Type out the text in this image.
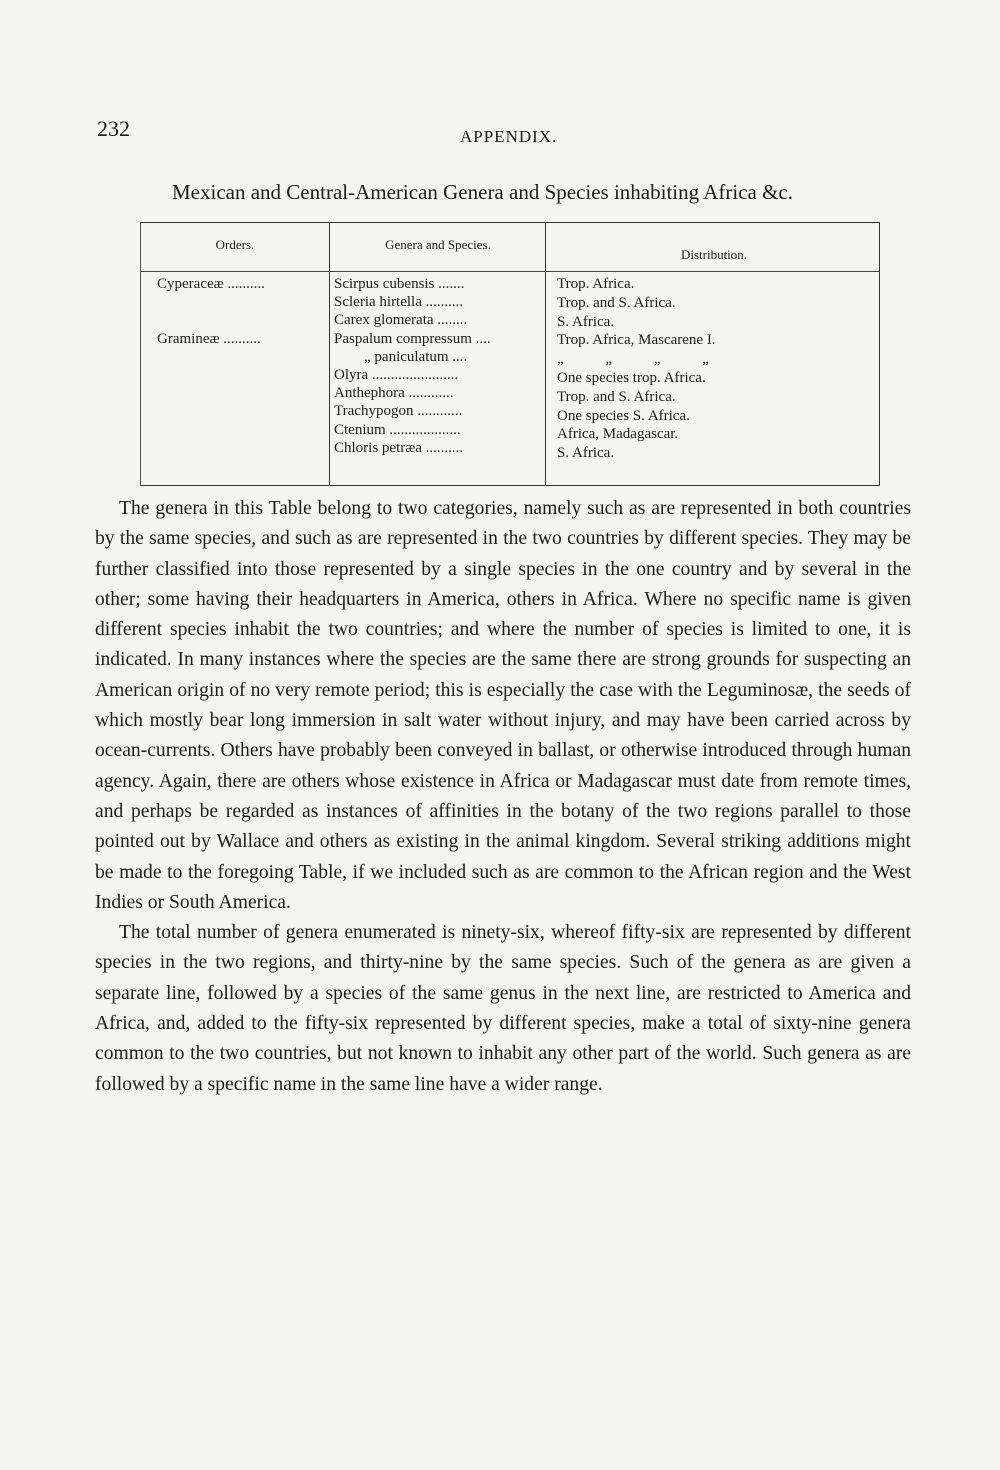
232	APPENDIX.
Mexican and Central-American Genera and Species inhabiting Africa &c.
Orders.	Genera and Species.
Distribution.
Cyperaceæ ..........
Gramineæ ..........
Scirpus cubensis .......
Scleria hirtella ..........
Carex glomerata ........
Paspalum compressum ....
„ paniculatum ....
Olyra .......................
Anthephora ............
Trachypogon ............
Ctenium ...................
Chloris petræa ..........
Trop. Africa.
Trop. and S. Africa.
S. Africa.
Trop. Africa, Mascarene I.
„ „ „ „
One species trop. Africa.
Trop. and S. Africa.
One species S. Africa.
Africa, Madagascar.
S. Africa.

The genera in this Table belong to two categories, namely such as are represented in both countries by the same species, and such as are represented in the two countries by different species. They may be further classified into those represented by a single species in the one country and by several in the other; some having their headquarters in America, others in Africa. Where no specific name is given different species inhabit the two countries; and where the number of species is limited to one, it is indicated. In many instances where the species are the same there are strong grounds for suspecting an American origin of no very remote period; this is especially the case with the Leguminosæ, the seeds of which mostly bear long immersion in salt water without injury, and may have been carried across by ocean-currents. Others have probably been conveyed in ballast, or otherwise introduced through human agency. Again, there are others whose existence in Africa or Madagascar must date from remote times, and perhaps be regarded as instances of affinities in the botany of the two regions parallel to those pointed out by Wallace and others as existing in the animal kingdom. Several striking additions might be made to the foregoing Table, if we included such as are common to the African region and the West Indies or South America.

The total number of genera enumerated is ninety-six, whereof fifty-six are represented by different species in the two regions, and thirty-nine by the same species. Such of the genera as are given a separate line, followed by a species of the same genus in the next line, are restricted to America and Africa, and, added to the fifty-six represented by different species, make a total of sixty-nine genera common to the two countries, but not known to inhabit any other part of the world. Such genera as are followed by a specific name in the same line have a wider range.
